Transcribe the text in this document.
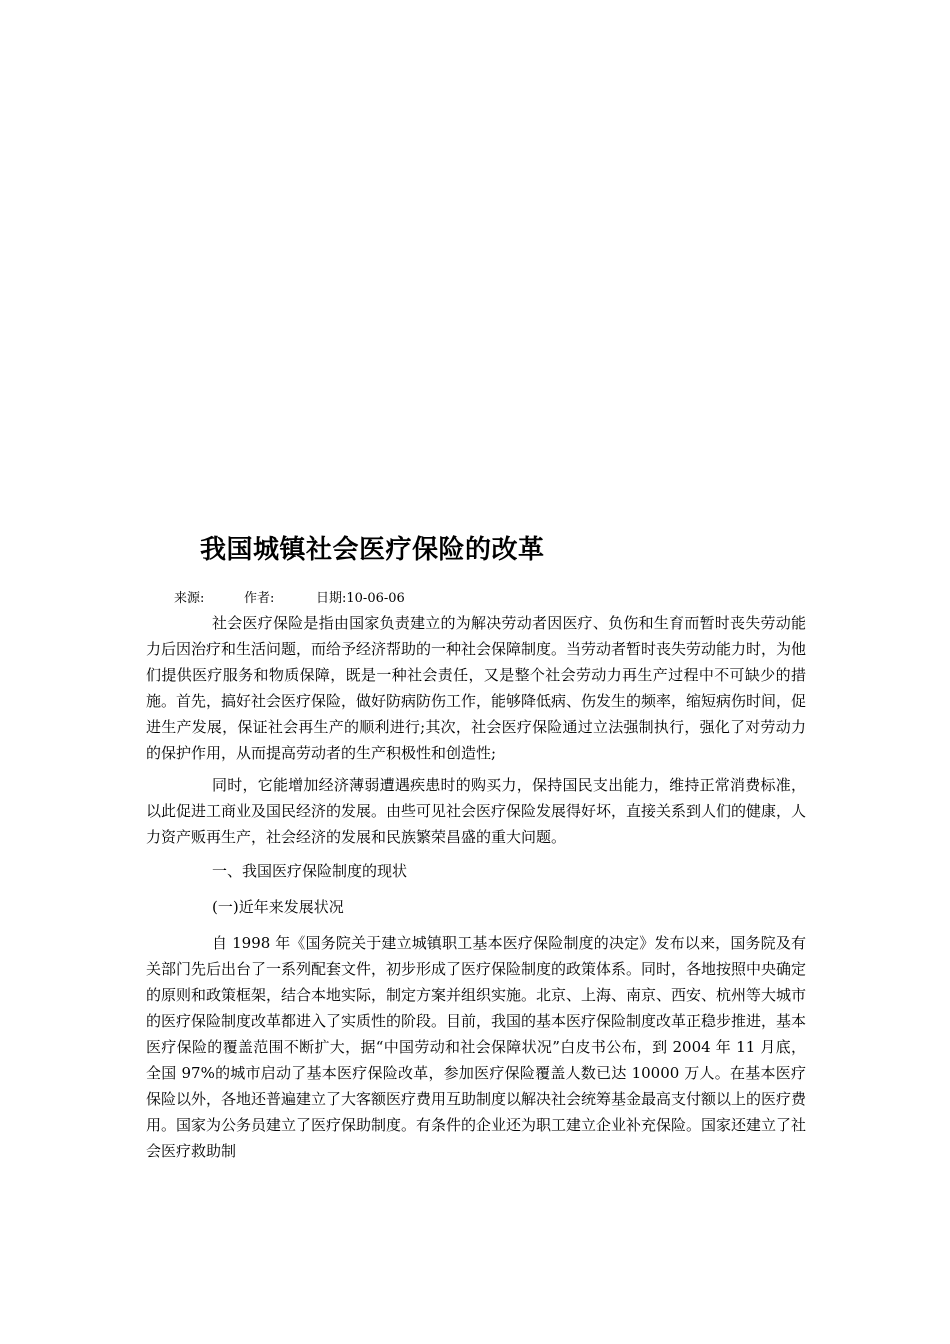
我国城镇社会医疗保险的改革
来源:	作者:	日期:10-06-06

社会医疗保险是指由国家负责建立的为解决劳动者因医疗、负伤和生育而暂时丧失劳动能力后因治疗和生活问题，而给予经济帮助的一种社会保障制度。当劳动者暂时丧失劳动能力时，为他们提供医疗服务和物质保障，既是一种社会责任，又是整个社会劳动力再生产过程中不可缺少的措施。首先，搞好社会医疗保险，做好防病防伤工作，能够降低病、伤发生的频率，缩短病伤时间，促进生产发展，保证社会再生产的顺利进行;其次，社会医疗保险通过立法强制执行，强化了对劳动力的保护作用，从而提高劳动者的生产积极性和创造性;

同时，它能增加经济薄弱遭遇疾患时的购买力，保持国民支出能力，维持正常消费标准，以此促进工商业及国民经济的发展。由些可见社会医疗保险发展得好坏，直接关系到人们的健康，人力资产贩再生产，社会经济的发展和民族繁荣昌盛的重大问题。

一、我国医疗保险制度的现状

(一)近年来发展状况

自 1998 年《国务院关于建立城镇职工基本医疗保险制度的决定》发布以来，国务院及有关部门先后出台了一系列配套文件，初步形成了医疗保险制度的政策体系。同时，各地按照中央确定的原则和政策框架，结合本地实际，制定方案并组织实施。北京、上海、南京、西安、杭州等大城市的医疗保险制度改革都进入了实质性的阶段。目前，我国的基本医疗保险制度改革正稳步推进，基本医疗保险的覆盖范围不断扩大，据“中国劳动和社会保障状况”白皮书公布，到 2004 年 11 月底，全国 97%的城市启动了基本医疗保险改革，参加医疗保险覆盖人数已达 10000 万人。在基本医疗保险以外，各地还普遍建立了大客额医疗费用互助制度以解决社会统筹基金最高支付额以上的医疗费用。国家为公务员建立了医疗保助制度。有条件的企业还为职工建立企业补充保险。国家还建立了社会医疗救助制
